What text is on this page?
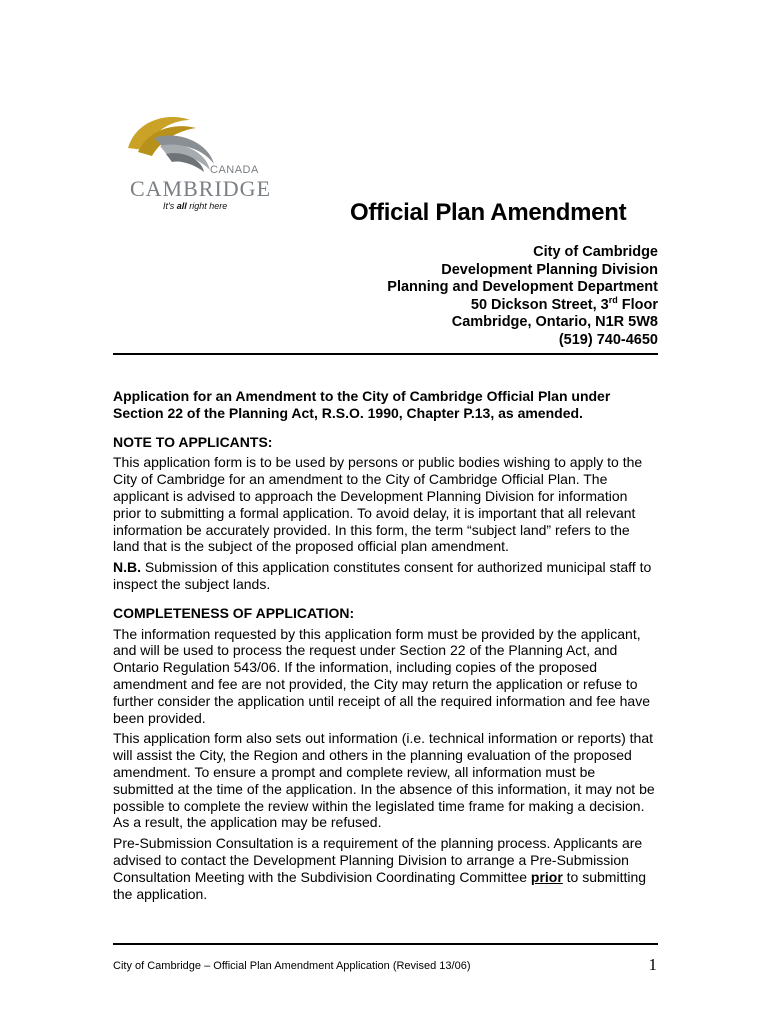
CANADA
CAMBRIDGE
It's all right here	Official Plan Amendment
City of Cambridge
Development Planning Division
Planning and Development Department
50 Dickson Street, 3rd Floor
Cambridge, Ontario, N1R 5W8
(519) 740-4650

Application for an Amendment to the City of Cambridge Official Plan under Section 22 of the Planning Act, R.S.O. 1990, Chapter P.13, as amended.

NOTE TO APPLICANTS:

This application form is to be used by persons or public bodies wishing to apply to the City of Cambridge for an amendment to the City of Cambridge Official Plan. The applicant is advised to approach the Development Planning Division for information prior to submitting a formal application. To avoid delay, it is important that all relevant information be accurately provided. In this form, the term “subject land” refers to the land that is the subject of the proposed official plan amendment.

N.B. Submission of this application constitutes consent for authorized municipal staff to inspect the subject lands.

COMPLETENESS OF APPLICATION:

The information requested by this application form must be provided by the applicant, and will be used to process the request under Section 22 of the Planning Act, and Ontario Regulation 543/06. If the information, including copies of the proposed amendment and fee are not provided, the City may return the application or refuse to further consider the application until receipt of all the required information and fee have been provided.

This application form also sets out information (i.e. technical information or reports) that will assist the City, the Region and others in the planning evaluation of the proposed amendment. To ensure a prompt and complete review, all information must be submitted at the time of the application. In the absence of this information, it may not be possible to complete the review within the legislated time frame for making a decision. As a result, the application may be refused.

Pre-Submission Consultation is a requirement of the planning process. Applicants are advised to contact the Development Planning Division to arrange a Pre-Submission Consultation Meeting with the Subdivision Coordinating Committee prior to submitting the application.

City of Cambridge – Official Plan Amendment Application (Revised 13/06)	1
